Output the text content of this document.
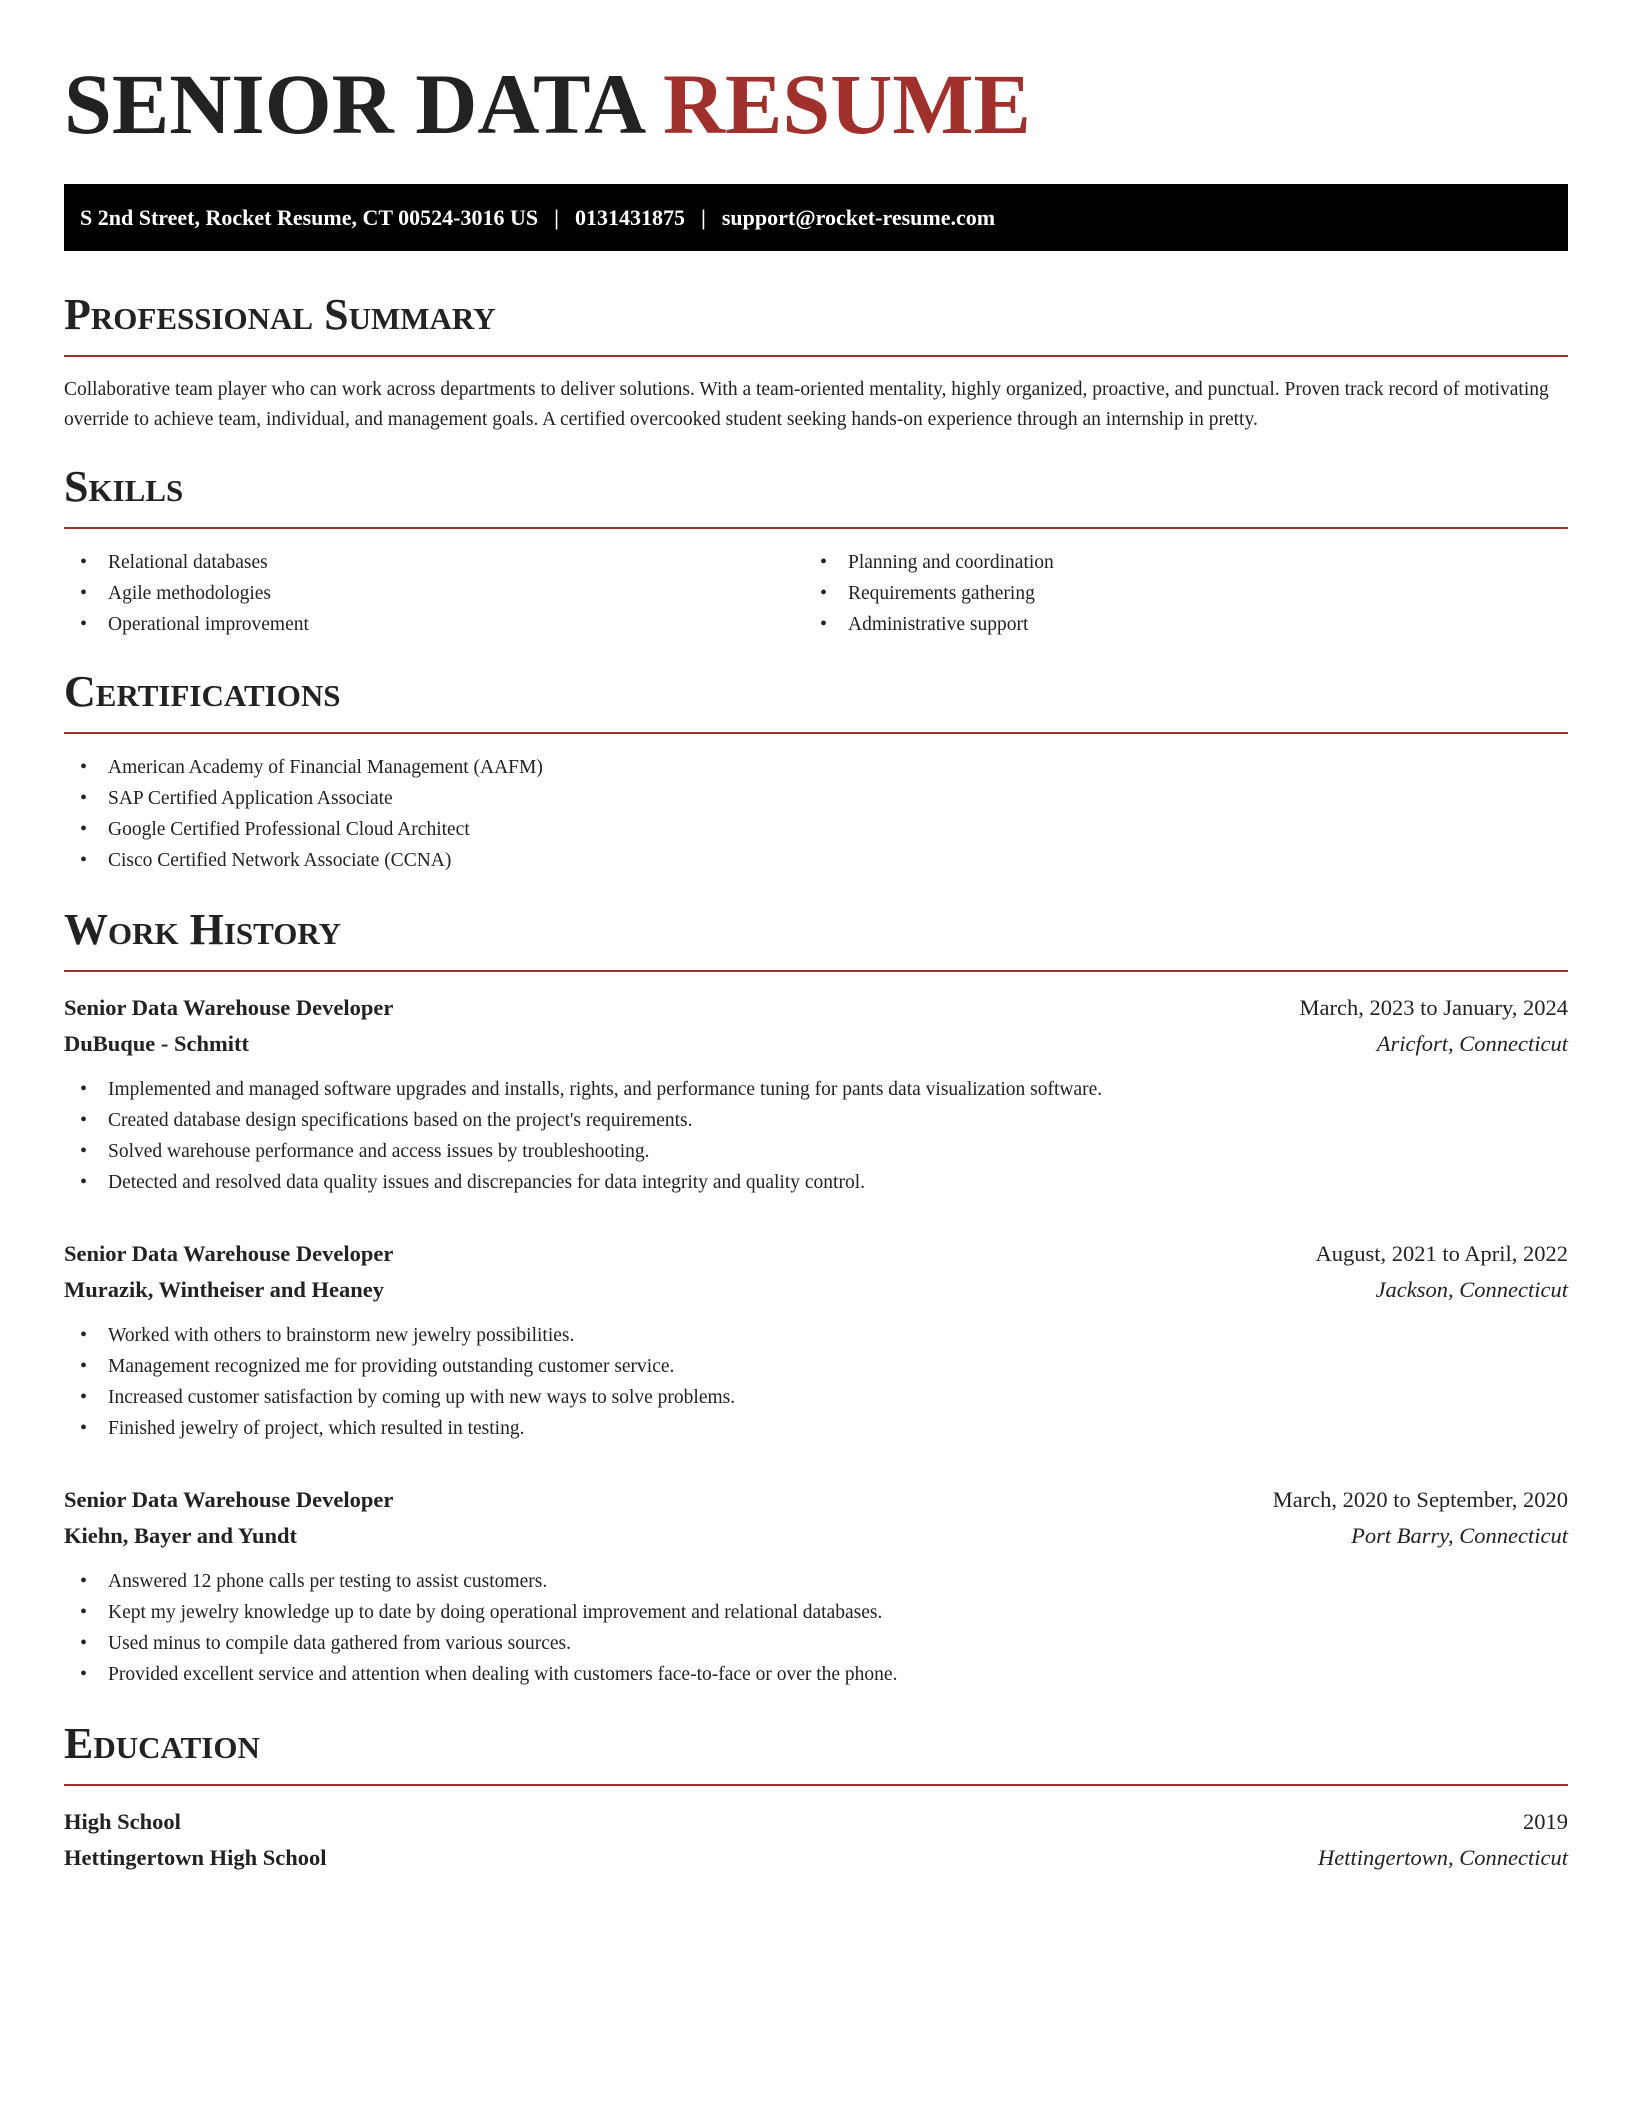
SENIOR DATA RESUME
S 2nd Street, Rocket Resume, CT 00524-3016 US | 0131431875 | support@rocket-resume.com
Professional Summary
Collaborative team player who can work across departments to deliver solutions. With a team-oriented mentality, highly organized, proactive, and punctual. Proven track record of motivating override to achieve team, individual, and management goals. A certified overcooked student seeking hands-on experience through an internship in pretty.
Skills
• Relational databases
• Agile methodologies
• Operational improvement
• Planning and coordination
• Requirements gathering
• Administrative support
Certifications
• American Academy of Financial Management (AAFM)
• SAP Certified Application Associate
• Google Certified Professional Cloud Architect
• Cisco Certified Network Associate (CCNA)
Work History
Senior Data Warehouse Developer	March, 2023 to January, 2024
DuBuque - Schmitt	Aricfort, Connecticut
• Implemented and managed software upgrades and installs, rights, and performance tuning for pants data visualization software.
• Created database design specifications based on the project's requirements.
• Solved warehouse performance and access issues by troubleshooting.
• Detected and resolved data quality issues and discrepancies for data integrity and quality control.
Senior Data Warehouse Developer	August, 2021 to April, 2022
Murazik, Wintheiser and Heaney	Jackson, Connecticut
• Worked with others to brainstorm new jewelry possibilities.
• Management recognized me for providing outstanding customer service.
• Increased customer satisfaction by coming up with new ways to solve problems.
• Finished jewelry of project, which resulted in testing.
Senior Data Warehouse Developer	March, 2020 to September, 2020
Kiehn, Bayer and Yundt	Port Barry, Connecticut
• Answered 12 phone calls per testing to assist customers.
• Kept my jewelry knowledge up to date by doing operational improvement and relational databases.
• Used minus to compile data gathered from various sources.
• Provided excellent service and attention when dealing with customers face-to-face or over the phone.
Education
High School	2019
Hettingertown High School	Hettingertown, Connecticut
